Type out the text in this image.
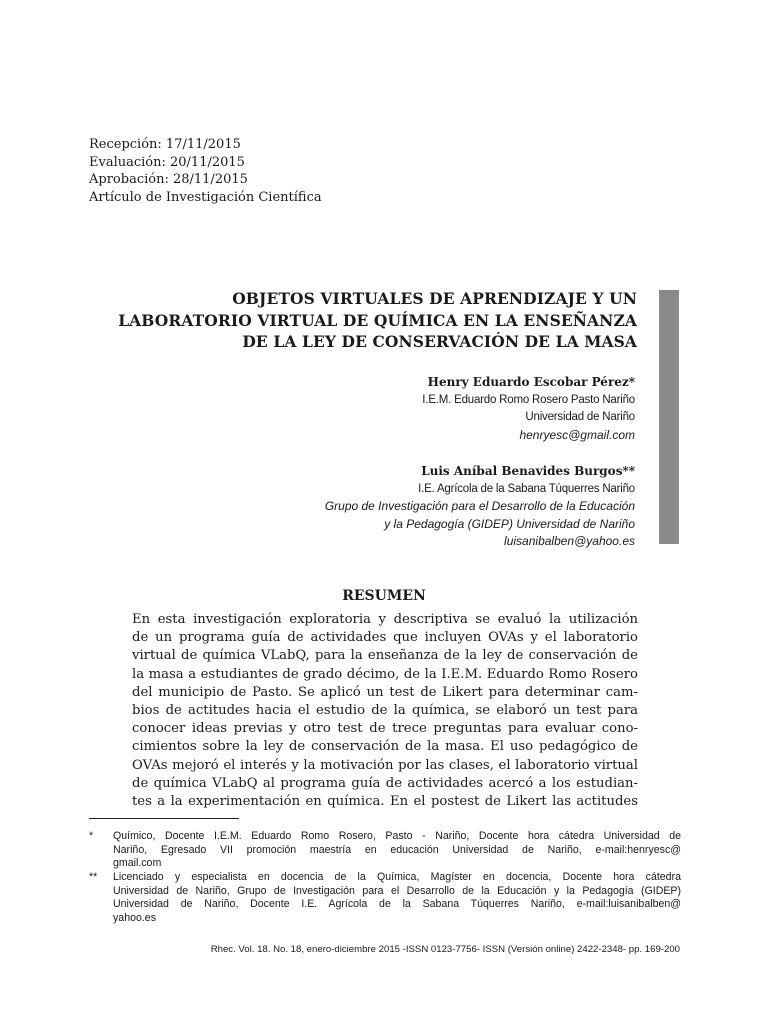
Recepción: 17/11/2015
Evaluación: 20/11/2015
Aprobación: 28/11/2015
Artículo de Investigación Científica
OBJETOS VIRTUALES DE APRENDIZAJE Y UN
LABORATORIO VIRTUAL DE QUÍMICA EN LA ENSEÑANZA
DE LA LEY DE CONSERVACIÓN DE LA MASA
Henry Eduardo Escobar Pérez*
I.E.M. Eduardo Romo Rosero Pasto Nariño
Universidad de Nariño
henryesc@gmail.com
Luis Aníbal Benavides Burgos**
I.E. Agrícola de la Sabana Túquerres Nariño
Grupo de Investigación para el Desarrollo de la Educación
y la Pedagogía (GIDEP) Universidad de Nariño
luisanibalben@yahoo.es
RESUMEN
En esta investigación exploratoria y descriptiva se evaluó la utilización
de un programa guía de actividades que incluyen OVAs y el laboratorio
virtual de química VLabQ, para la enseñanza de la ley de conservación de
la masa a estudiantes de grado décimo, de la I.E.M. Eduardo Romo Rosero
del municipio de Pasto. Se aplicó un test de Likert para determinar cam-
bios de actitudes hacia el estudio de la química, se elaboró un test para
conocer ideas previas y otro test de trece preguntas para evaluar cono-
cimientos sobre la ley de conservación de la masa. El uso pedagógico de
OVAs mejoró el interés y la motivación por las clases, el laboratorio virtual
de química VLabQ al programa guía de actividades acercó a los estudian-
tes a la experimentación en química. En el postest de Likert las actitudes
* Químico, Docente I.E.M. Eduardo Romo Rosero, Pasto - Nariño, Docente hora cátedra Universidad de
Nariño, Egresado VII promoción maestría en educación Universidad de Nariño, e-mail:henryesc@
gmail.com
** Licenciado y especialista en docencia de la Química, Magíster en docencia, Docente hora cátedra
Universidad de Nariño, Grupo de Investigación para el Desarrollo de la Educación y la Pedagogía (GIDEP)
Universidad de Nariño, Docente I.E. Agrícola de la Sabana Túquerres Nariño, e-mail:luisanibalben@
yahoo.es
Rhec. Vol. 18. No. 18, enero-diciembre 2015 -ISSN 0123-7756- ISSN (Versión online) 2422-2348- pp. 169-200
